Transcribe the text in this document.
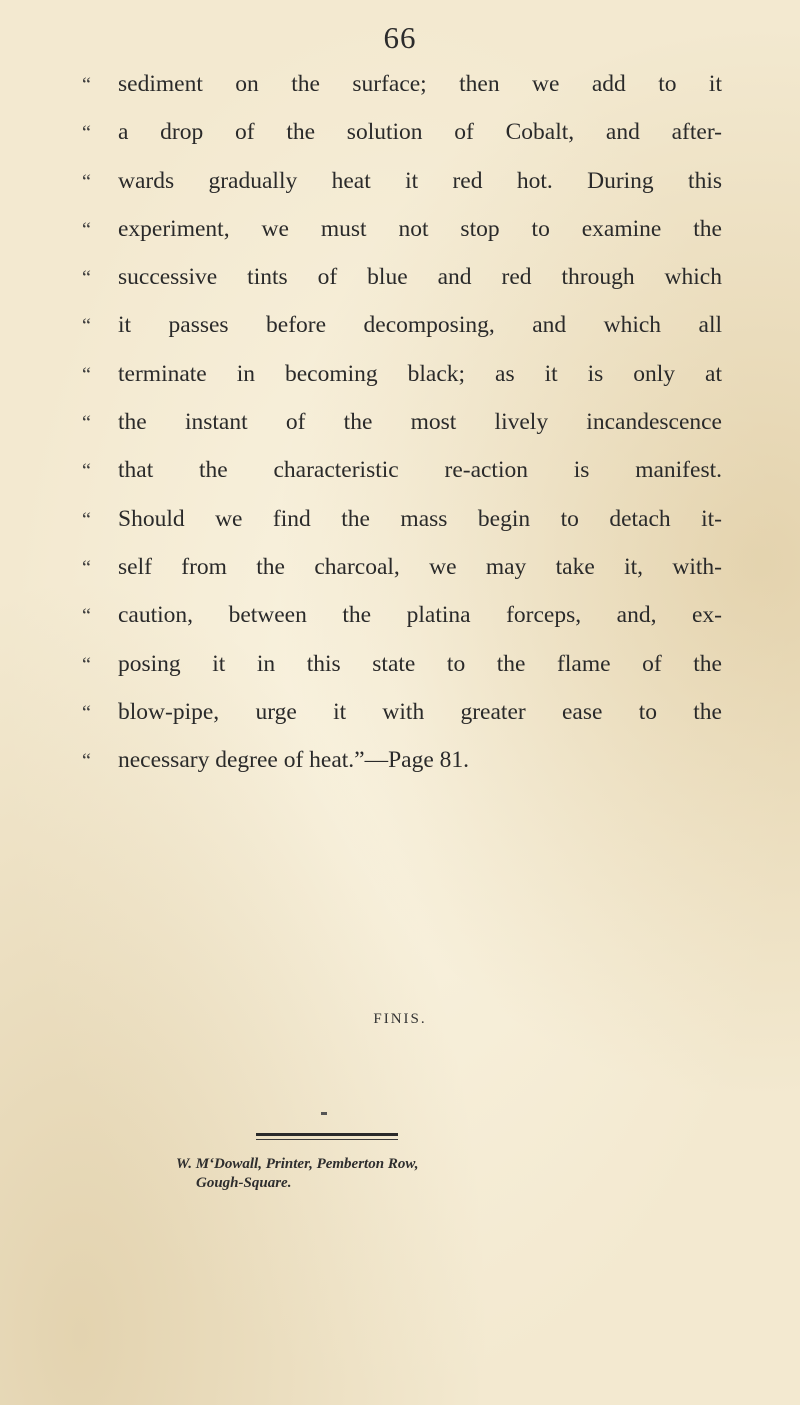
66
“	sediment on the surface; then we add to it
“	a drop of the solution of Cobalt, and after-
“	wards gradually heat it red hot. During this
“	experiment, we must not stop to examine the
“	successive tints of blue and red through which
“	it passes before decomposing, and which all
“	terminate in becoming black; as it is only at
“	the instant of the most lively incandescence
“	that the characteristic re-action is manifest.
“	Should we find the mass begin to detach it-
“	self from the charcoal, we may take it, with-
“	caution, between the platina forceps, and, ex-
“	posing it in this state to the flame of the
“	blow-pipe, urge it with greater ease to the
“	necessary degree of heat.”—Page 81.
FINIS.
W. M‘Dowall, Printer, Pemberton Row,
Gough-Square.
